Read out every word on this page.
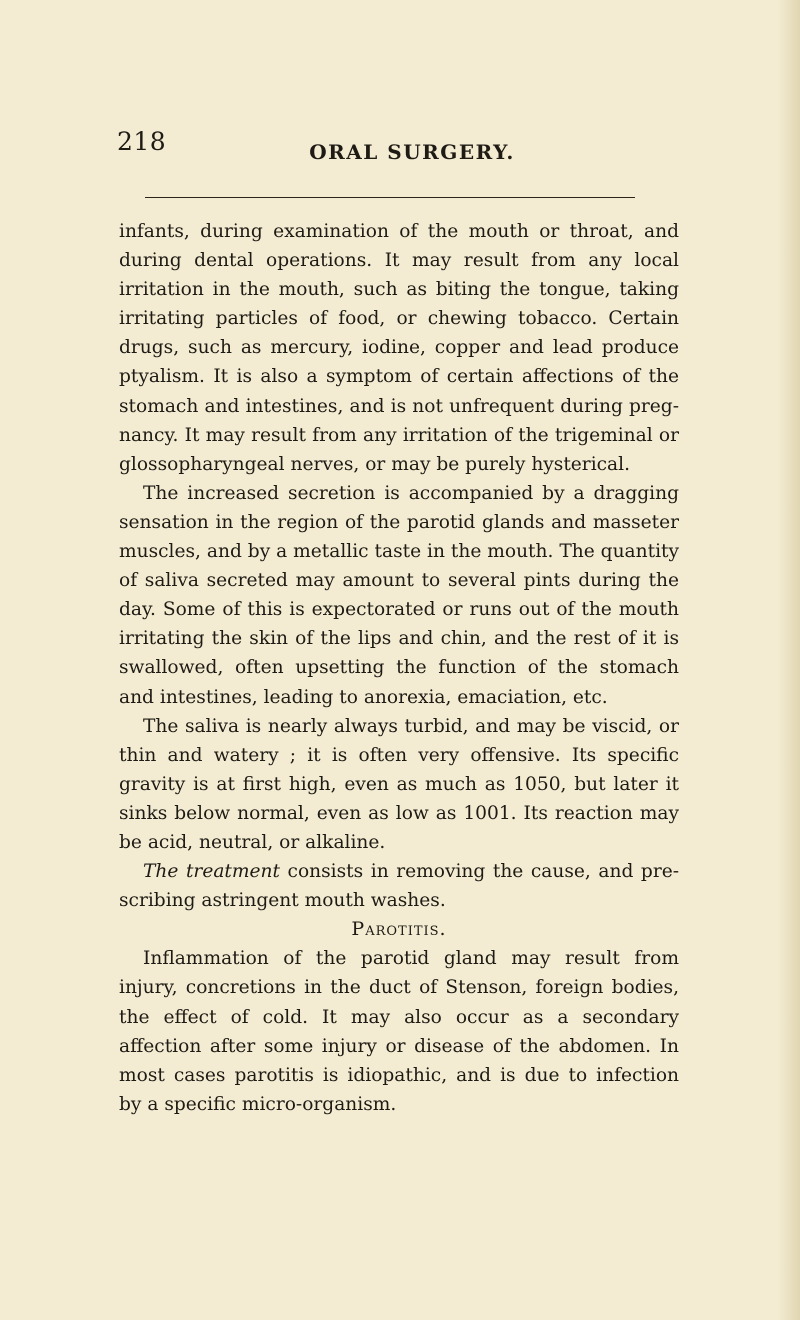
218	ORAL SURGERY.

infants, during examination of the mouth or throat, and during dental operations. It may result from any local irritation in the mouth, such as biting the tongue, taking irritating particles of food, or chewing tobacco. Certain drugs, such as mercury, iodine, copper and lead produce ptyalism. It is also a symptom of certain affections of the stomach and intestines, and is not unfrequent during preg- nancy. It may result from any irritation of the trigeminal or glossopharyngeal nerves, or may be purely hysterical.

The increased secretion is accompanied by a dragging sensation in the region of the parotid glands and masseter muscles, and by a metallic taste in the mouth. The quantity of saliva secreted may amount to several pints during the day. Some of this is expectorated or runs out of the mouth irritating the skin of the lips and chin, and the rest of it is swallowed, often upsetting the function of the stomach and intestines, leading to anorexia, emaciation, etc.

The saliva is nearly always turbid, and may be viscid, or thin and watery ; it is often very offensive. Its specific gravity is at first high, even as much as 1050, but later it sinks below normal, even as low as 1001. Its reaction may be acid, neutral, or alkaline.

The treatment consists in removing the cause, and pre- scribing astringent mouth washes.

Parotitis.

Inflammation of the parotid gland may result from injury, concretions in the duct of Stenson, foreign bodies, the effect of cold. It may also occur as a secondary affection after some injury or disease of the abdomen. In most cases parotitis is idiopathic, and is due to infection by a specific micro-organism.
